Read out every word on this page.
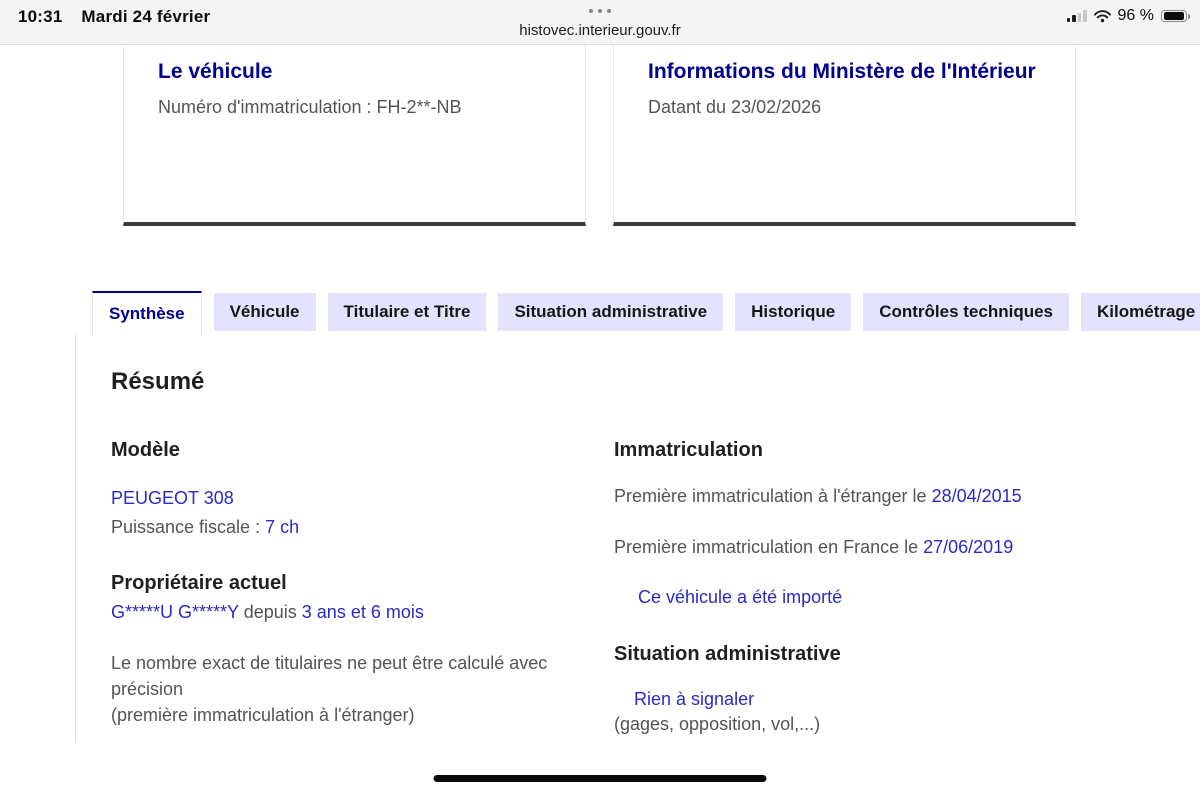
10:31 Mardi 24 février
histovec.interieur.gouv.fr
96 %
Le véhicule

Numéro d'immatriculation : FH-2**-NB

Informations du Ministère de l'Intérieur

Datant du 23/02/2026

Synthèse	Véhicule	Titulaire et Titre	Situation administrative	Historique	Contrôles techniques	Kilométrage
Résumé
Modèle
PEUGEOT 308
Puissance fiscale : 7 ch
Propriétaire actuel
G*****U G*****Y depuis 3 ans et 6 mois
Le nombre exact de titulaires ne peut être calculé avec précision
(première immatriculation à l'étranger)
Immatriculation
Première immatriculation à l'étranger le 28/04/2015
Première immatriculation en France le 27/06/2019
Ce véhicule a été importé
Situation administrative
Rien à signaler
(gages, opposition, vol,...)
